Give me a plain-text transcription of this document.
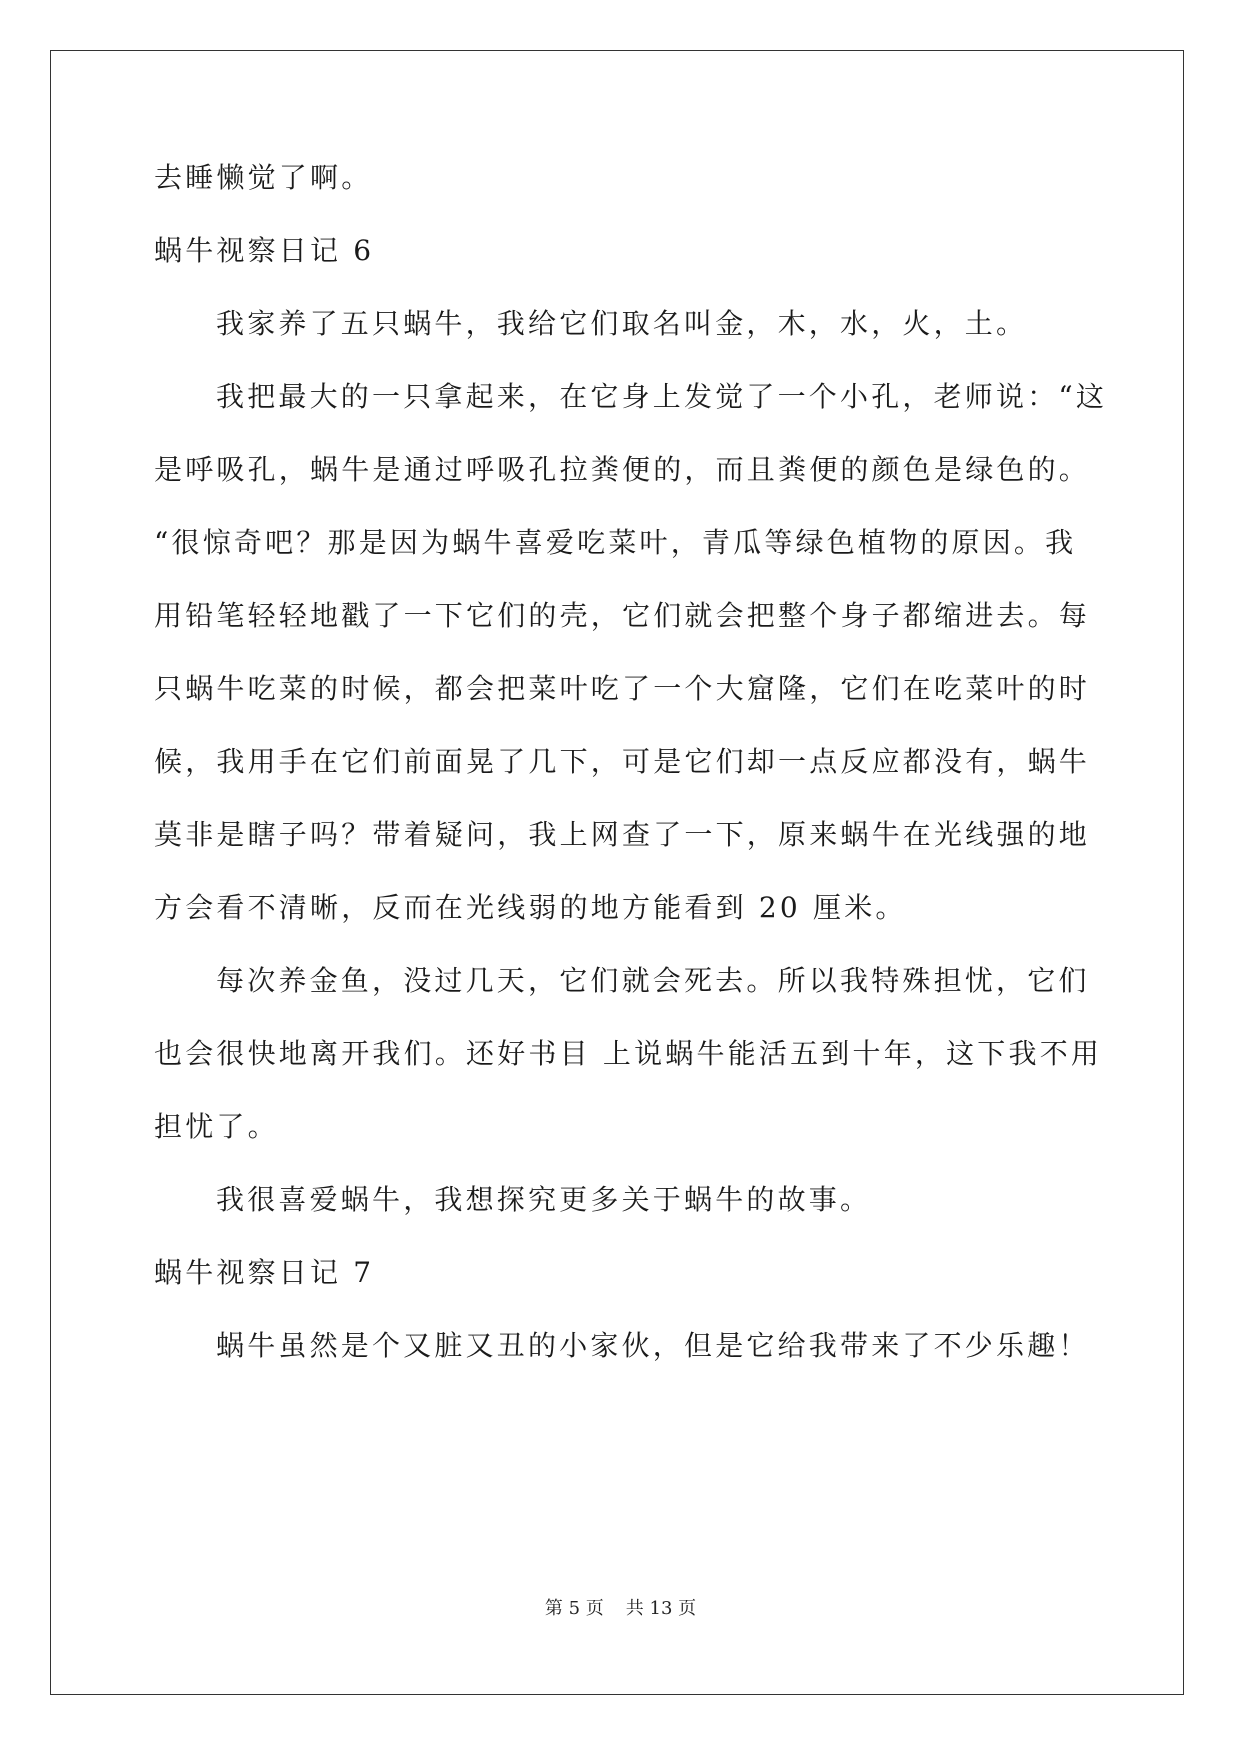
去睡懒觉了啊。
蜗牛视察日记 6
我家养了五只蜗牛，我给它们取名叫金，木，水，火，土。
我把最大的一只拿起来，在它身上发觉了一个小孔，老师说：“这
是呼吸孔，蜗牛是通过呼吸孔拉粪便的，而且粪便的颜色是绿色的。
“很惊奇吧？那是因为蜗牛喜爱吃菜叶，青瓜等绿色植物的原因。我
用铅笔轻轻地戳了一下它们的壳，它们就会把整个身子都缩进去。每
只蜗牛吃菜的时候，都会把菜叶吃了一个大窟隆，它们在吃菜叶的时
候，我用手在它们前面晃了几下，可是它们却一点反应都没有，蜗牛
莫非是瞎子吗？带着疑问，我上网查了一下，原来蜗牛在光线强的地
方会看不清晰，反而在光线弱的地方能看到 20 厘米。
每次养金鱼，没过几天，它们就会死去。所以我特殊担忧，它们
也会很快地离开我们。还好书目 上说蜗牛能活五到十年，这下我不用
担忧了。
我很喜爱蜗牛，我想探究更多关于蜗牛的故事。
蜗牛视察日记 7
蜗牛虽然是个又脏又丑的小家伙，但是它给我带来了不少乐趣！
第 5 页 共 13 页
